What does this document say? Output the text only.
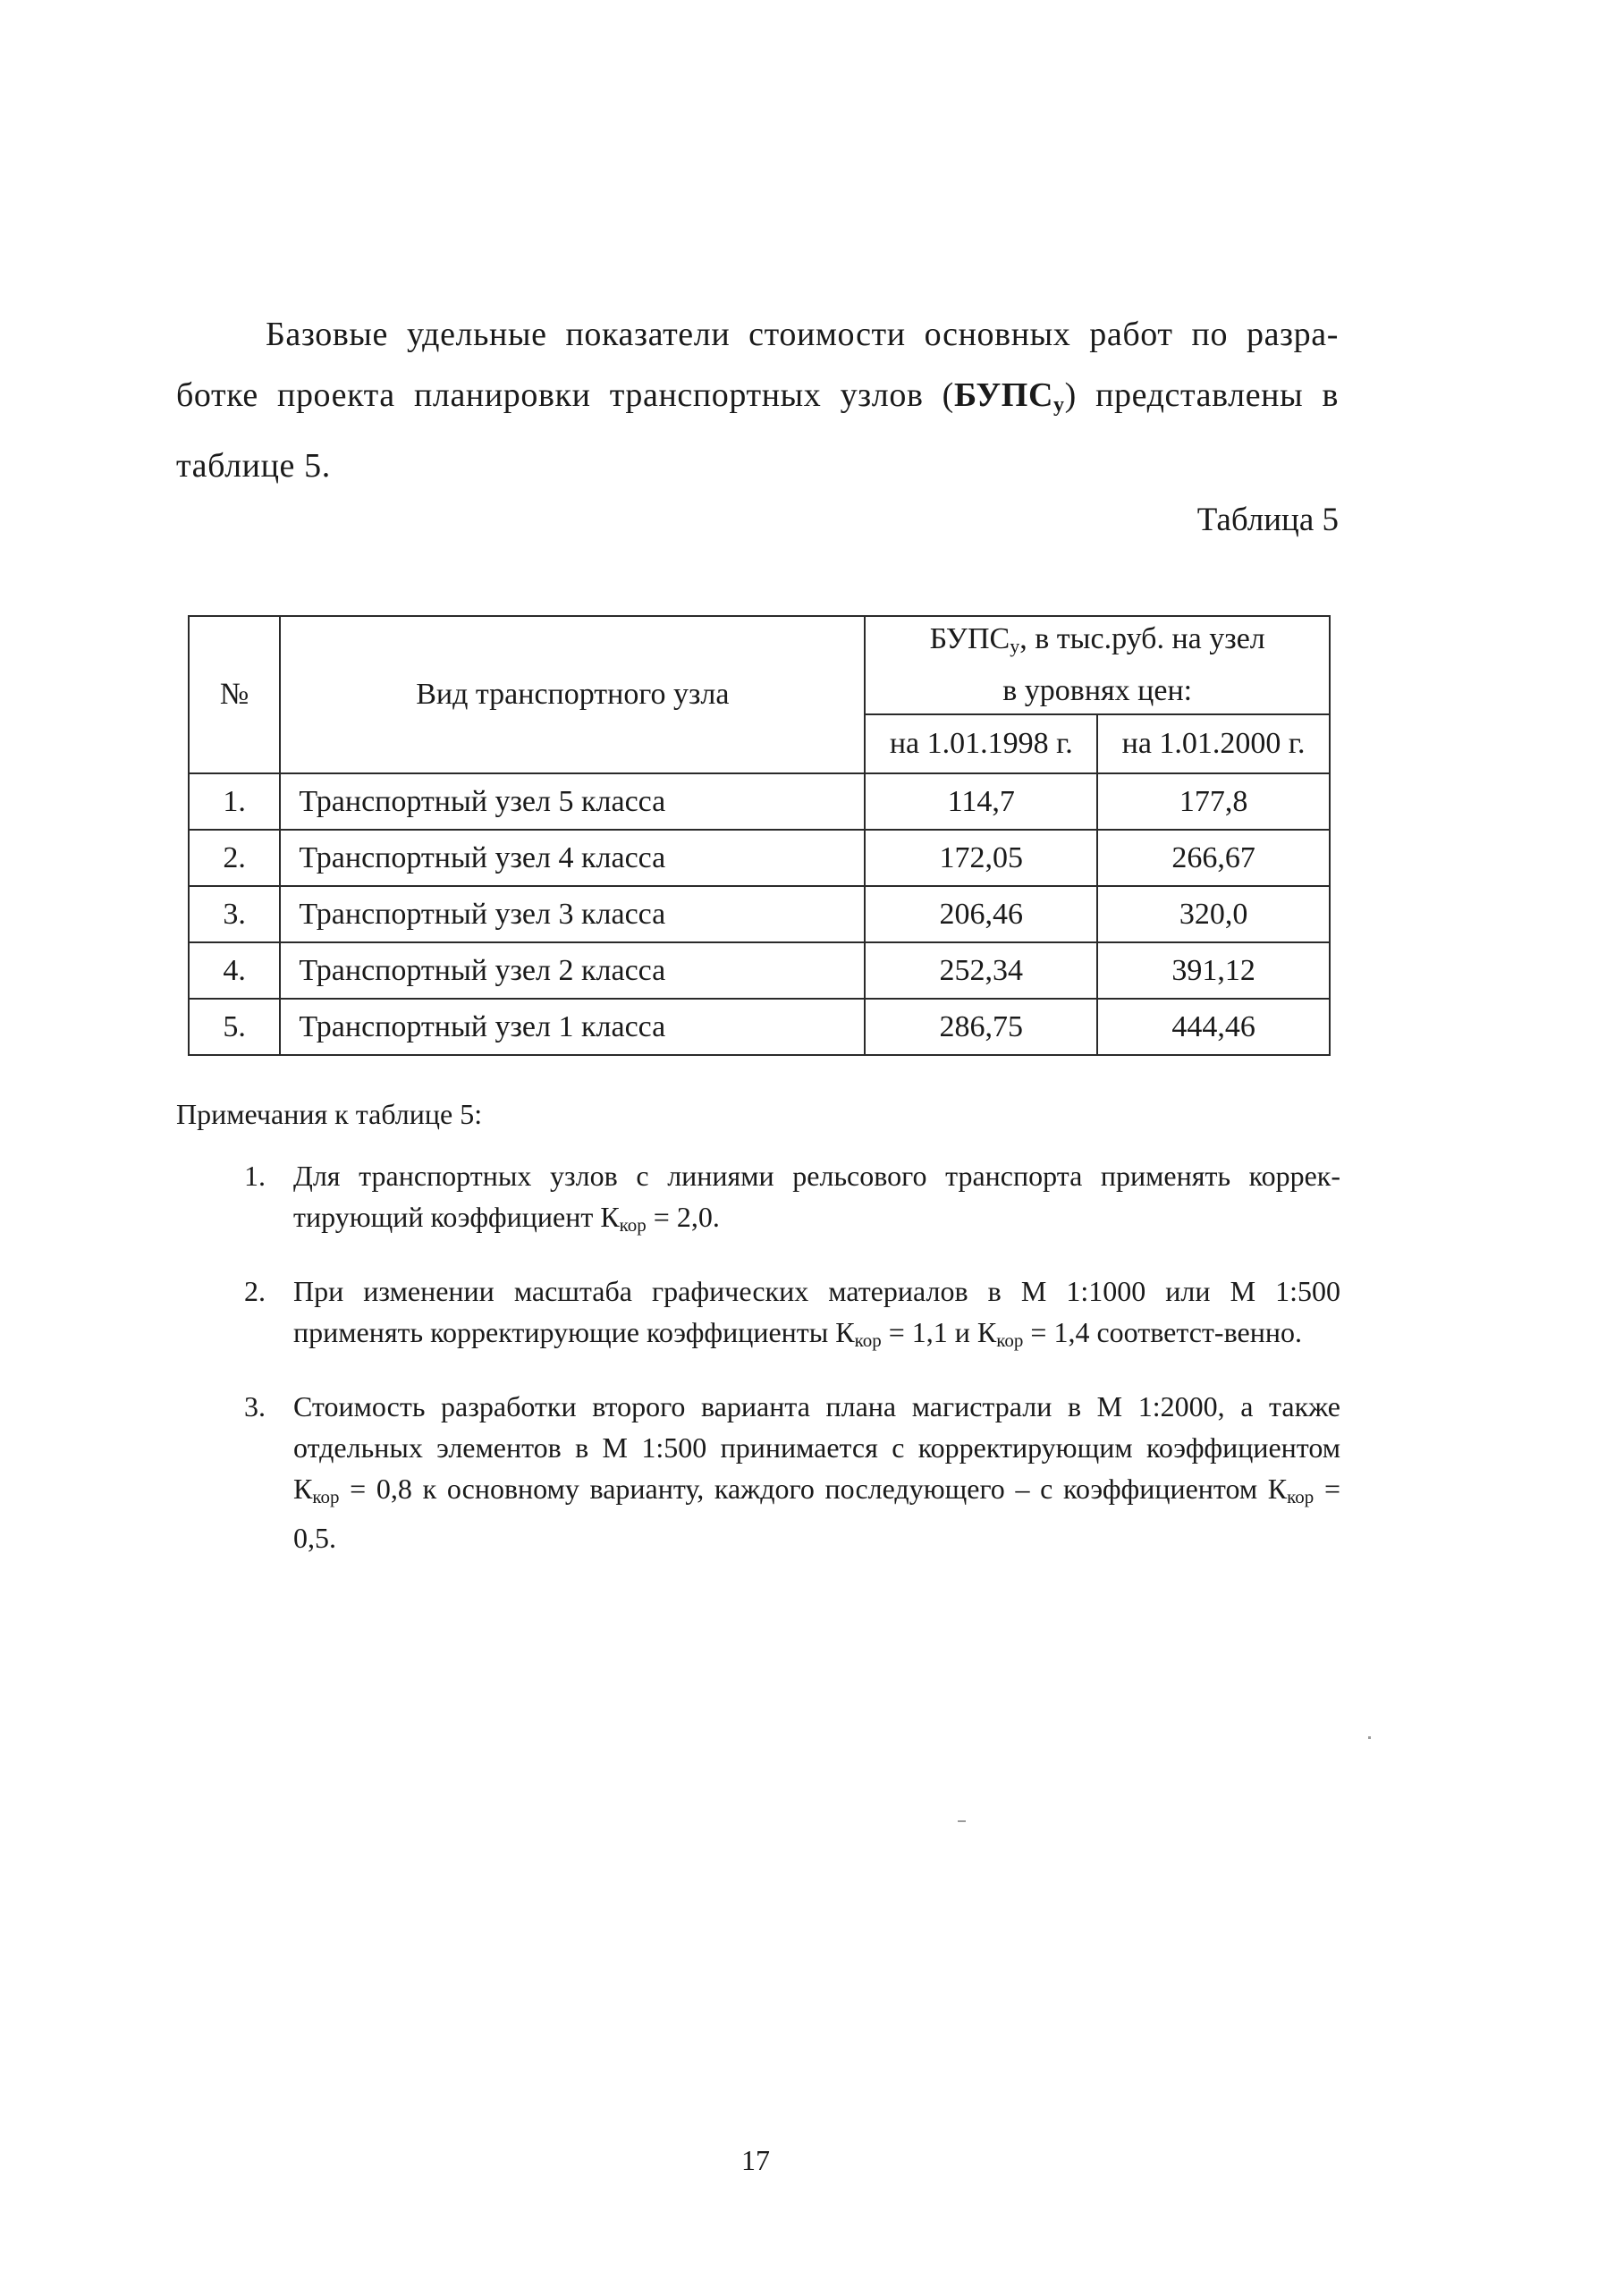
Базовые удельные показатели стоимости основных работ по разра-
ботке проекта планировки транспортных узлов $(БУПС_у)$ представлены в
таблице 5.
Таблица 5
№	Вид транспортного узла	$БУПС_у$, в тыс.руб. на узел
в уровнях цен:	
		на 1.01.1998 г.	на 1.01.2000 г.
1.	Транспортный узел 5 класса	114,7	177,8
2.	Транспортный узел 4 класса	172,05	266,67
3.	Транспортный узел 3 класса	206,46	320,0
4.	Транспортный узел 2 класса	252,34	391,12
5.	Транспортный узел 1 класса	286,75	444,46
Примечания к таблице 5:
1. Для транспортных узлов с линиями рельсового транспорта применять коррек-тирующий коэффициент $К_{кор} = 2,0$.
2. При изменении масштаба графических материалов в М 1:1000 или М 1:500 применять корректирующие коэффициенты $К_{кор} = 1,1$ и $К_{кор} = 1,4$ соответст-венно.
3. Стоимость разработки второго варианта плана магистрали в М 1:2000, а также отдельных элементов в М 1:500 принимается с корректирующим коэффициентом $К_{кор} = 0,8$ к основному варианту, каждого последующего – с коэффициентом $К_{кор} = 0,5$.
17
